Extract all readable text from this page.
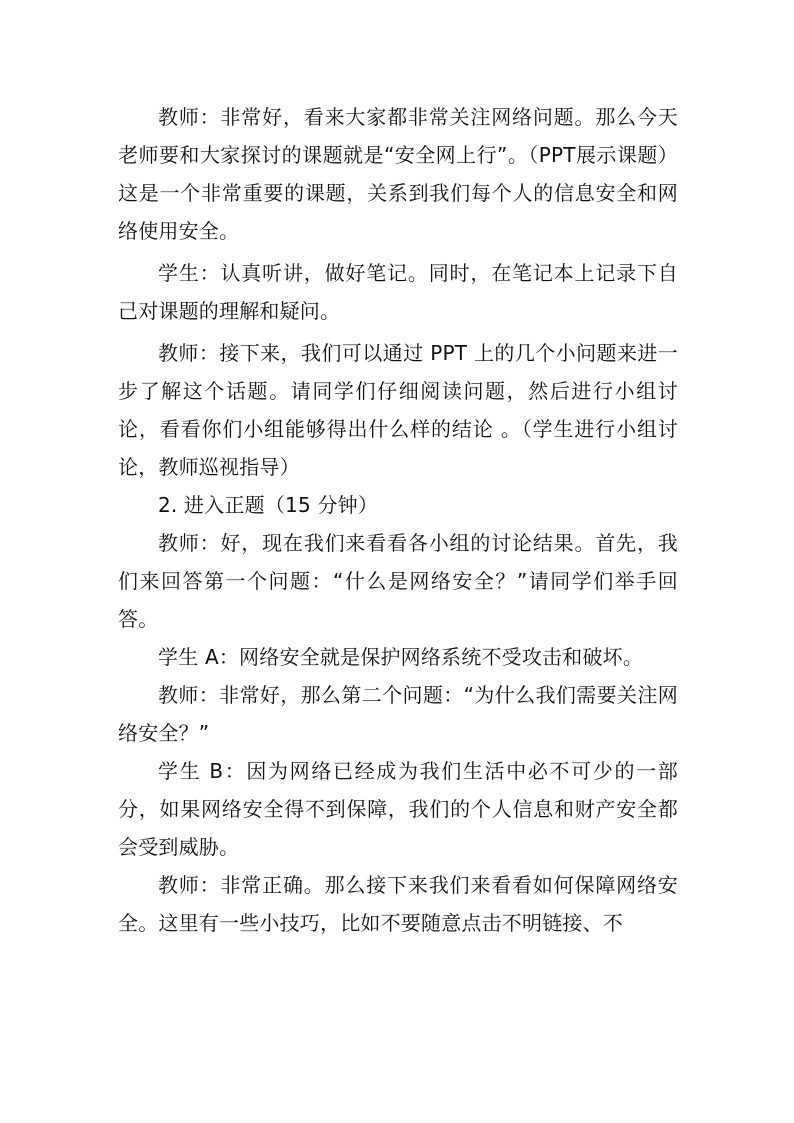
教师：非常好，看来大家都非常关注网络问题。那么今天老师要和大家探讨的课题就是“安全网上行”。（PPT展示课题）这是一个非常重要的课题，关系到我们每个人的信息安全和网络使用安全。

学生：认真听讲，做好笔记。同时，在笔记本上记录下自己对课题的理解和疑问。

教师：接下来，我们可以通过 PPT 上的几个小问题来进一步了解这个话题。请同学们仔细阅读问题，然后进行小组讨论，看看你们小组能够得出什么样的结论 。（学生进行小组讨论，教师巡视指导）

2. 进入正题（15 分钟）

教师：好，现在我们来看看各小组的讨论结果。首先，我们来回答第一个问题：“什么是网络安全？”请同学们举手回答。

学生 A：网络安全就是保护网络系统不受攻击和破坏。

教师：非常好，那么第二个问题：“为什么我们需要关注网络安全？”

学生 B：因为网络已经成为我们生活中必不可少的一部分，如果网络安全得不到保障，我们的个人信息和财产安全都会受到威胁。

教师：非常正确。那么接下来我们来看看如何保障网络安全。这里有一些小技巧，比如不要随意点击不明链接、不
